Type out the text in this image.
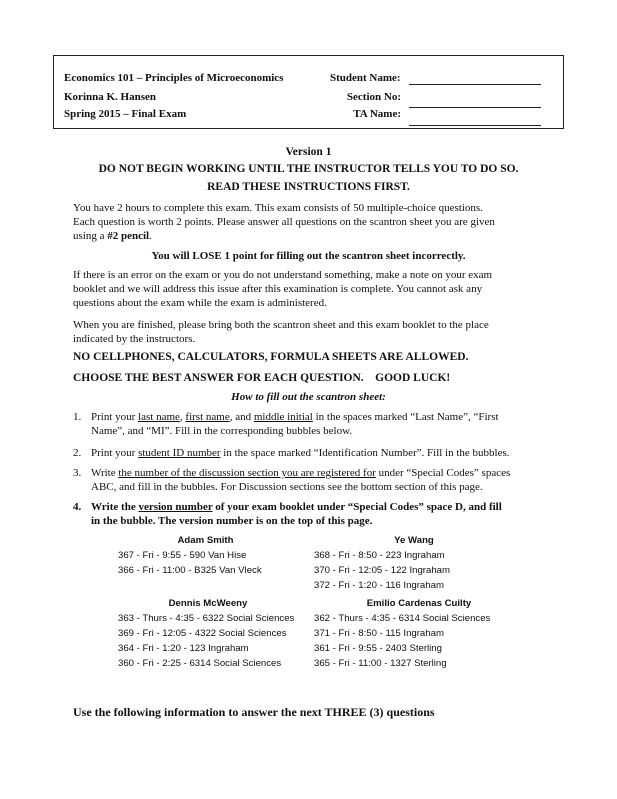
Economics 101 – Principles of Microeconomics
Korinna K. Hansen
Spring 2015 – Final Exam
Student Name:
Section No:
TA Name:
Version 1
DO NOT BEGIN WORKING UNTIL THE INSTRUCTOR TELLS YOU TO DO SO.
READ THESE INSTRUCTIONS FIRST.
You have 2 hours to complete this exam. This exam consists of 50 multiple-choice questions.
Each question is worth 2 points. Please answer all questions on the scantron sheet you are given
using a #2 pencil.
You will LOSE 1 point for filling out the scantron sheet incorrectly.
If there is an error on the exam or you do not understand something, make a note on your exam
booklet and we will address this issue after this examination is complete. You cannot ask any
questions about the exam while the exam is administered.
When you are finished, please bring both the scantron sheet and this exam booklet to the place
indicated by the instructors.
NO CELLPHONES, CALCULATORS, FORMULA SHEETS ARE ALLOWED.
CHOOSE THE BEST ANSWER FOR EACH QUESTION.    GOOD LUCK!
How to fill out the scantron sheet:
1. Print your last name, first name, and middle initial in the spaces marked “Last Name”, “First
Name”, and “MI”. Fill in the corresponding bubbles below.
2. Print your student ID number in the space marked “Identification Number”. Fill in the bubbles.
3. Write the number of the discussion section you are registered for under “Special Codes” spaces
ABC, and fill in the bubbles. For Discussion sections see the bottom section of this page.
4. Write the version number of your exam booklet under “Special Codes” space D, and fill
in the bubble. The version number is on the top of this page.
Adam Smith
367 - Fri - 9:55 - 590 Van Hise
366 - Fri - 11:00 - B325 Van Vleck
Ye Wang
368 - Fri - 8:50 - 223 Ingraham
370 - Fri - 12:05 - 122 Ingraham
372 - Fri - 1:20 - 116 Ingraham
Dennis McWeeny
363 - Thurs - 4:35 - 6322 Social Sciences
369 - Fri - 12:05 - 4322 Social Sciences
364 - Fri - 1:20 - 123 Ingraham
360 - Fri - 2:25 - 6314 Social Sciences
Emilio Cardenas Cuilty
362 - Thurs - 4:35 - 6314 Social Sciences
371 - Fri - 8:50 - 115 Ingraham
361 - Fri - 9:55 - 2403 Sterling
365 - Fri - 11:00 - 1327 Sterling
Use the following information to answer the next THREE (3) questions
